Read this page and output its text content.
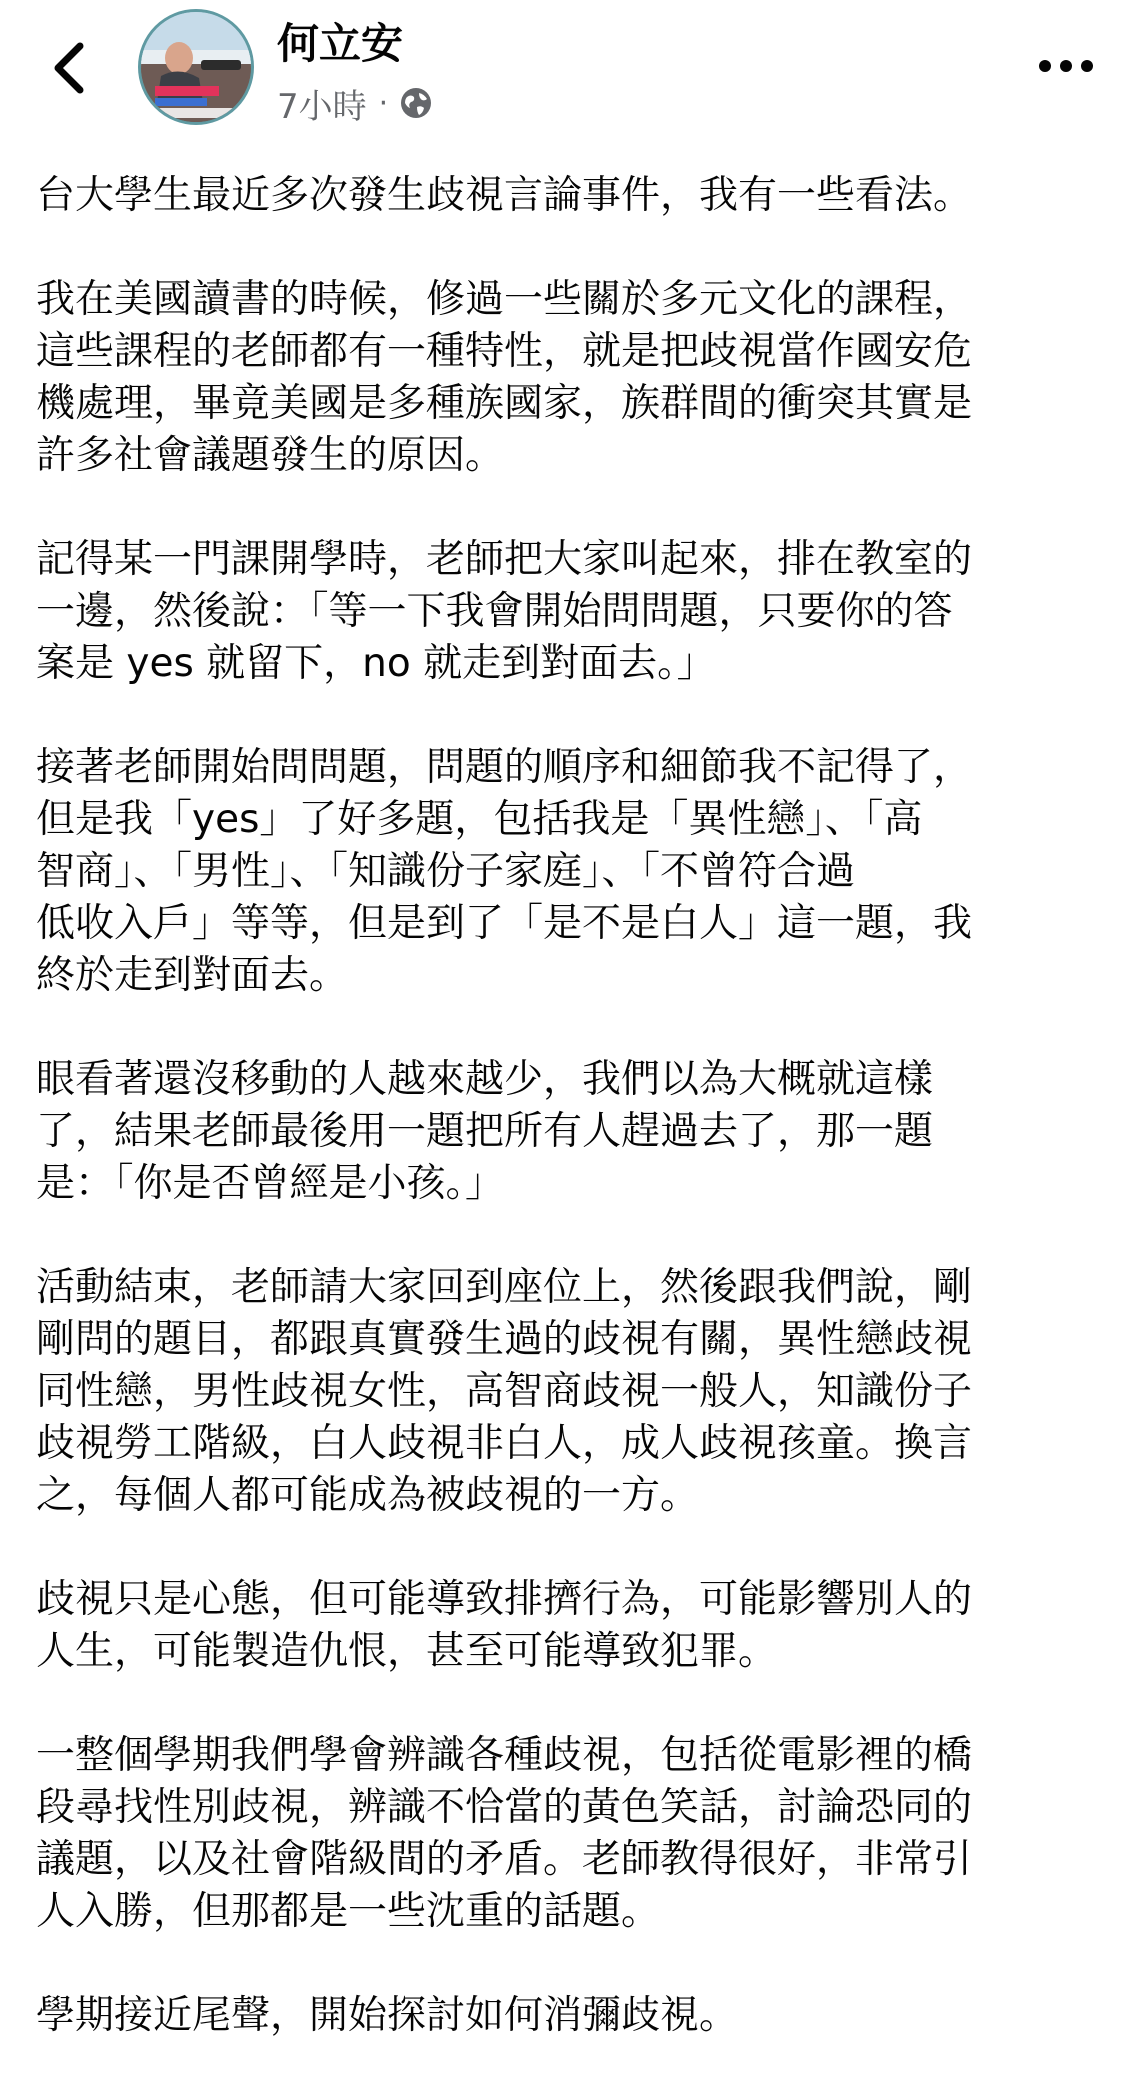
何立安
7小時 ·

台大學生最近多次發生歧視言論事件，我有一些看法。

我在美國讀書的時候，修過一些關於多元文化的課程，
這些課程的老師都有一種特性，就是把歧視當作國安危
機處理，畢竟美國是多種族國家，族群間的衝突其實是
許多社會議題發生的原因。

記得某一門課開學時，老師把大家叫起來，排在教室的
一邊，然後說：「等一下我會開始問問題，只要你的答
案是 yes 就留下，no 就走到對面去。」

接著老師開始問問題，問題的順序和細節我不記得了，
但是我「yes」了好多題，包括我是「異性戀」、「高
智商」、「男性」、「知識份子家庭」、「不曾符合過
低收入戶」等等，但是到了「是不是白人」這一題，我
終於走到對面去。

眼看著還沒移動的人越來越少，我們以為大概就這樣
了，結果老師最後用一題把所有人趕過去了，那一題
是：「你是否曾經是小孩。」

活動結束，老師請大家回到座位上，然後跟我們說，剛
剛問的題目，都跟真實發生過的歧視有關，異性戀歧視
同性戀，男性歧視女性，高智商歧視一般人，知識份子
歧視勞工階級，白人歧視非白人，成人歧視孩童。換言
之，每個人都可能成為被歧視的一方。

歧視只是心態，但可能導致排擠行為，可能影響別人的
人生，可能製造仇恨，甚至可能導致犯罪。

一整個學期我們學會辨識各種歧視，包括從電影裡的橋
段尋找性別歧視，辨識不恰當的黃色笑話，討論恐同的
議題，以及社會階級間的矛盾。老師教得很好，非常引
人入勝，但那都是一些沈重的話題。

學期接近尾聲，開始探討如何消彌歧視。
